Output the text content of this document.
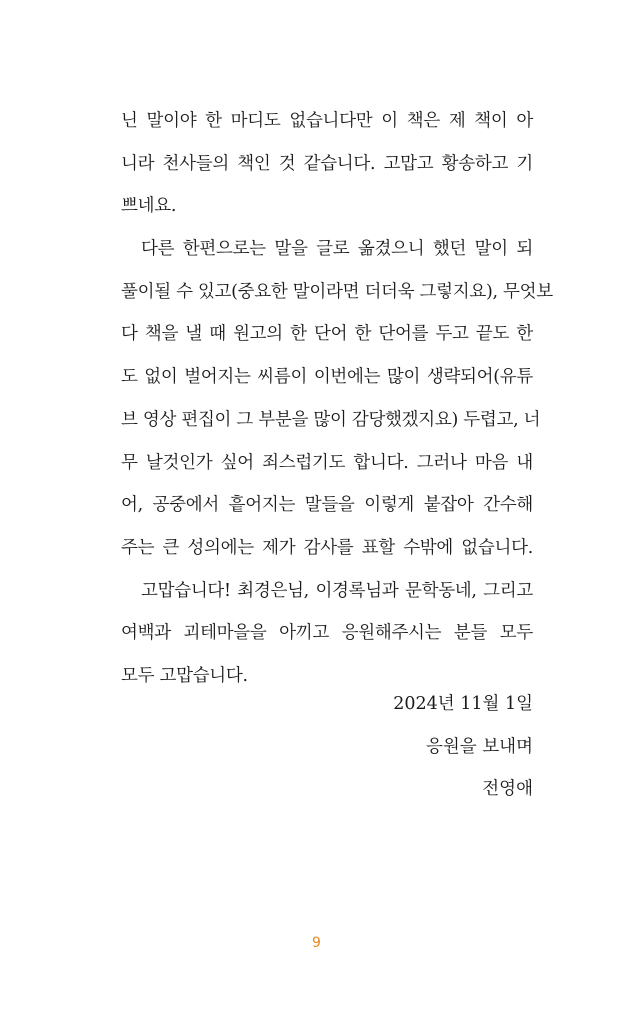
닌 말이야 한 마디도 없습니다만 이 책은 제 책이 아
니라 천사들의 책인 것 같습니다. 고맙고 황송하고 기
쁘네요.
다른 한편으로는 말을 글로 옮겼으니 했던 말이 되
풀이될 수 있고(중요한 말이라면 더더욱 그렇지요), 무엇보
다 책을 낼 때 원고의 한 단어 한 단어를 두고 끝도 한
도 없이 벌어지는 씨름이 이번에는 많이 생략되어(유튜
브 영상 편집이 그 부분을 많이 감당했겠지요) 두렵고, 너
무 날것인가 싶어 죄스럽기도 합니다. 그러나 마음 내
어, 공중에서 흩어지는 말들을 이렇게 붙잡아 간수해
주는 큰 성의에는 제가 감사를 표할 수밖에 없습니다.
고맙습니다! 최경은님, 이경록님과 문학동네, 그리고
여백과 괴테마을을 아끼고 응원해주시는 분들 모두
모두 고맙습니다.
2024년 11월 1일
응원을 보내며
전영애
9
